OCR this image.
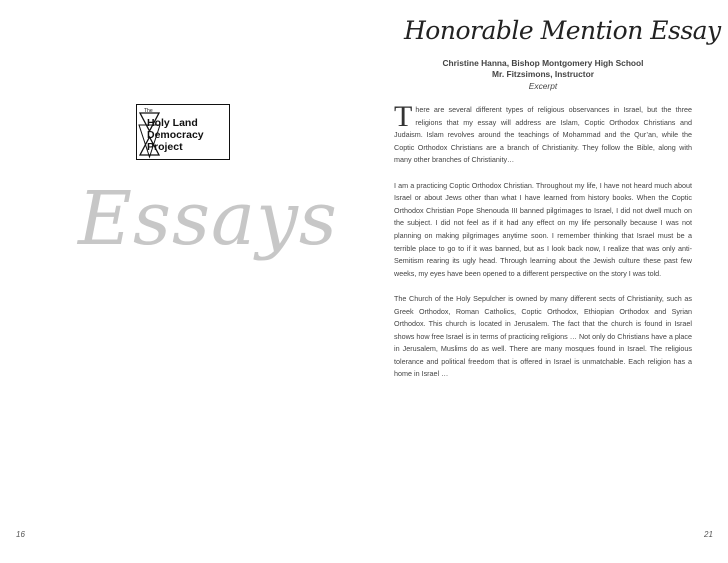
The
Holy Land
Democracy
Project
Essays
16
Honorable Mention Essay
Christine Hanna, Bishop Montgomery High School
Mr. Fitzsimons, Instructor
Excerpt

There are several different types of religious observances in Israel, but the three religions that my essay will address are Islam, Coptic Orthodox Christians and Judaism. Islam revolves around the teachings of Mohammad and the Qur’an, while the Coptic Orthodox Christians are a branch of Christianity. They follow the Bible, along with many other branches of Christianity…

I am a practicing Coptic Orthodox Christian. Throughout my life, I have not heard much about Israel or about Jews other than what I have learned from history books. When the Coptic Orthodox Christian Pope Shenouda III banned pilgrimages to Israel, I did not dwell much on the subject. I did not feel as if it had any effect on my life personally because I was not planning on making pilgrimages anytime soon. I remember thinking that Israel must be a terrible place to go to if it was banned, but as I look back now, I realize that was only anti-Semitism rearing its ugly head. Through learning about the Jewish culture these past few weeks, my eyes have been opened to a different perspective on the story I was told.

The Church of the Holy Sepulcher is owned by many different sects of Christianity, such as Greek Orthodox, Roman Catholics, Coptic Orthodox, Ethiopian Orthodox and Syrian Orthodox. This church is located in Jerusalem. The fact that the church is found in Israel shows how free Israel is in terms of practicing religions … Not only do Christians have a place in Jerusalem, Muslims do as well. There are many mosques found in Israel. The religious tolerance and political freedom that is offered in Israel is unmatchable. Each religion has a home in Israel …

21
